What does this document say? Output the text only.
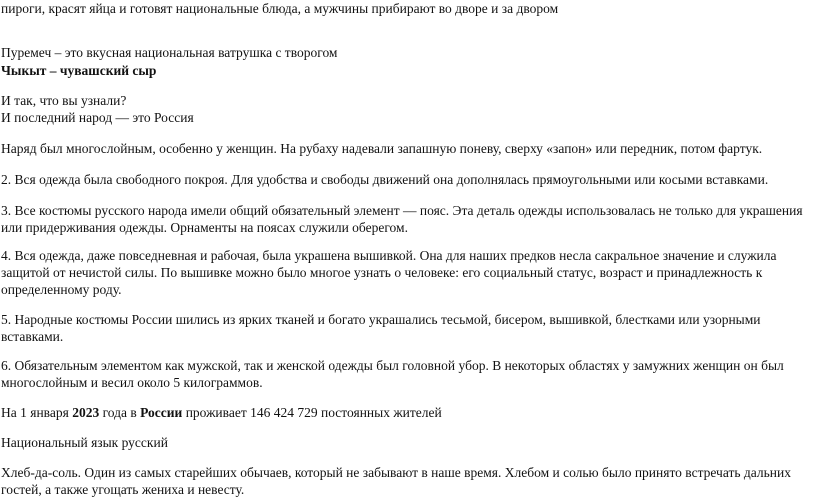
пироги, красят яйца и готовят национальные блюда, а мужчины прибирают во дворе и за двором
Пуремеч – это вкусная национальная ватрушка с творогом
Чыкыт – чувашский сыр
И так, что вы узнали?
И последний народ — это Россия
Наряд был многослойным, особенно у женщин. На рубаху надевали запашную поневу, сверху «запон» или передник, потом фартук.
2. Вся одежда была свободного покроя. Для удобства и свободы движений она дополнялась прямоугольными или косыми вставками.
3. Все костюмы русского народа имели общий обязательный элемент — пояс. Эта деталь одежды использовалась не только для украшения
или придерживания одежды. Орнаменты на поясах служили оберегом.
4. Вся одежда, даже повседневная и рабочая, была украшена вышивкой. Она для наших предков несла сакральное значение и служила
защитой от нечистой силы. По вышивке можно было многое узнать о человеке: его социальный статус, возраст и принадлежность к
определенному роду.
5. Народные костюмы России шились из ярких тканей и богато украшались тесьмой, бисером, вышивкой, блестками или узорными
вставками.
6. Обязательным элементом как мужской, так и женской одежды был головной убор. В некоторых областях у замужних женщин он был
многослойным и весил около 5 килограммов.
На 1 января 2023 года в России проживает 146 424 729 постоянных жителей
Национальный язык русский
Хлеб-да-соль. Один из самых старейших обычаев, который не забывают в наше время. Хлебом и солью было принято встречать дальних
гостей, а также угощать жениха и невесту.
